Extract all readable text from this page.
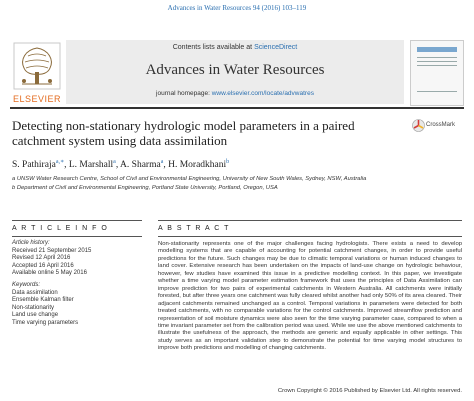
Advances in Water Resources 94 (2016) 103–119
ELSEVIER
Contents lists available at ScienceDirect
Advances in Water Resources
journal homepage: www.elsevier.com/locate/advwatres
Detecting non-stationary hydrologic model parameters in a paired catchment system using data assimilation
CrossMark
S. Pathiraja$^{a,∗}$, L. Marshall$^a$, A. Sharma$^a$, H. Moradkhani$^b$
a UNSW Water Research Centre, School of Civil and Environmental Engineering, University of New South Wales, Sydney, NSW, Australia
b Department of Civil and Environmental Engineering, Portland State University, Portland, Oregon, USA
A R T I C L E I N F O	A B S T R A C T
Article history:
Received 21 September 2015
Revised 12 April 2016
Accepted 16 April 2016
Available online 5 May 2016
Keywords:
Data assimilation
Ensemble Kalman filter
Non-stationarity
Land use change
Time varying parameters
Non-stationarity represents one of the major challenges facing hydrologists. There exists a need to develop modelling systems that are capable of accounting for potential catchment changes, in order to provide useful predictions for the future. Such changes may be due to climatic temporal variations or human induced changes to land cover. Extensive research has been undertaken on the impacts of land-use change on hydrologic behaviour, however, few studies have examined this issue in a predictive modelling context. In this paper, we investigate whether a time varying model parameter estimation framework that uses the principles of Data Assimilation can improve prediction for two pairs of experimental catchments in Western Australia. All catchments were initially forested, but after three years one catchment was fully cleared whilst another had only 50% of its area cleared. Their adjacent catchments remained unchanged as a control. Temporal variations in parameters were detected for both treated catchments, with no comparable variations for the control catchments. Improved streamflow prediction and representation of soil moisture dynamics were also seen for the time varying parameter case, compared to when a time invariant parameter set from the calibration period was used. While we use the above mentioned catchments to illustrate the usefulness of the approach, the methods are generic and equally applicable in other settings. This study serves as an important validation step to demonstrate the potential for time varying model structures to improve both predictions and modelling of changing catchments.
Crown Copyright © 2016 Published by Elsevier Ltd. All rights reserved.
